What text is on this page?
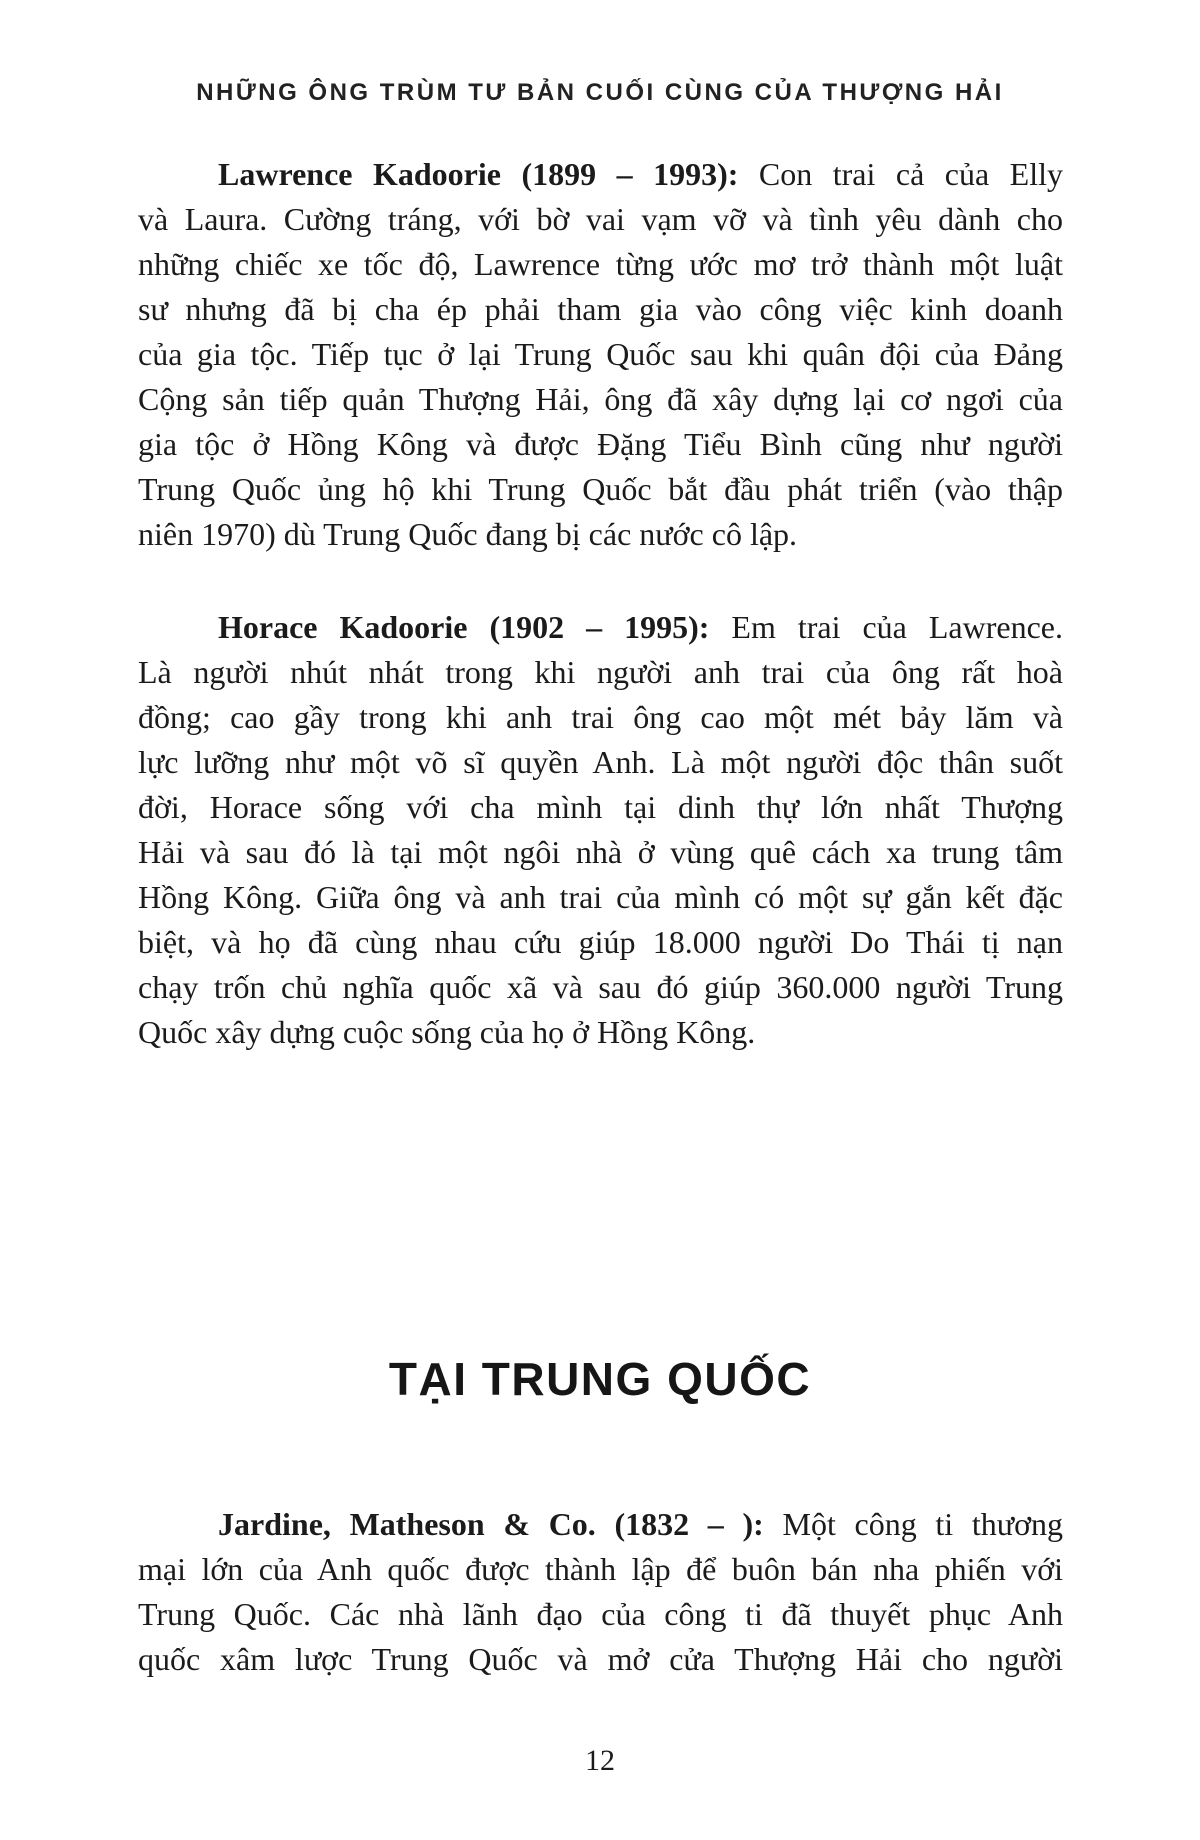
NHỮNG ÔNG TRÙM TƯ BẢN CUỐI CÙNG CỦA THƯỢNG HẢI
Lawrence Kadoorie (1899 – 1993): Con trai cả của Elly
và Laura. Cường tráng, với bờ vai vạm vỡ và tình yêu dành cho
những chiếc xe tốc độ, Lawrence từng ước mơ trở thành một luật
sư nhưng đã bị cha ép phải tham gia vào công việc kinh doanh
của gia tộc. Tiếp tục ở lại Trung Quốc sau khi quân đội của Đảng
Cộng sản tiếp quản Thượng Hải, ông đã xây dựng lại cơ ngơi của
gia tộc ở Hồng Kông và được Đặng Tiểu Bình cũng như người
Trung Quốc ủng hộ khi Trung Quốc bắt đầu phát triển (vào thập
niên 1970) dù Trung Quốc đang bị các nước cô lập.
Horace Kadoorie (1902 – 1995): Em trai của Lawrence.
Là người nhút nhát trong khi người anh trai của ông rất hoà
đồng; cao gầy trong khi anh trai ông cao một mét bảy lăm và
lực lưỡng như một võ sĩ quyền Anh. Là một người độc thân suốt
đời, Horace sống với cha mình tại dinh thự lớn nhất Thượng
Hải và sau đó là tại một ngôi nhà ở vùng quê cách xa trung tâm
Hồng Kông. Giữa ông và anh trai của mình có một sự gắn kết đặc
biệt, và họ đã cùng nhau cứu giúp 18.000 người Do Thái tị nạn
chạy trốn chủ nghĩa quốc xã và sau đó giúp 360.000 người Trung
Quốc xây dựng cuộc sống của họ ở Hồng Kông.
TẠI TRUNG QUỐC
Jardine, Matheson & Co. (1832 – ): Một công ti thương
mại lớn của Anh quốc được thành lập để buôn bán nha phiến với
Trung Quốc. Các nhà lãnh đạo của công ti đã thuyết phục Anh
quốc xâm lược Trung Quốc và mở cửa Thượng Hải cho người
12
